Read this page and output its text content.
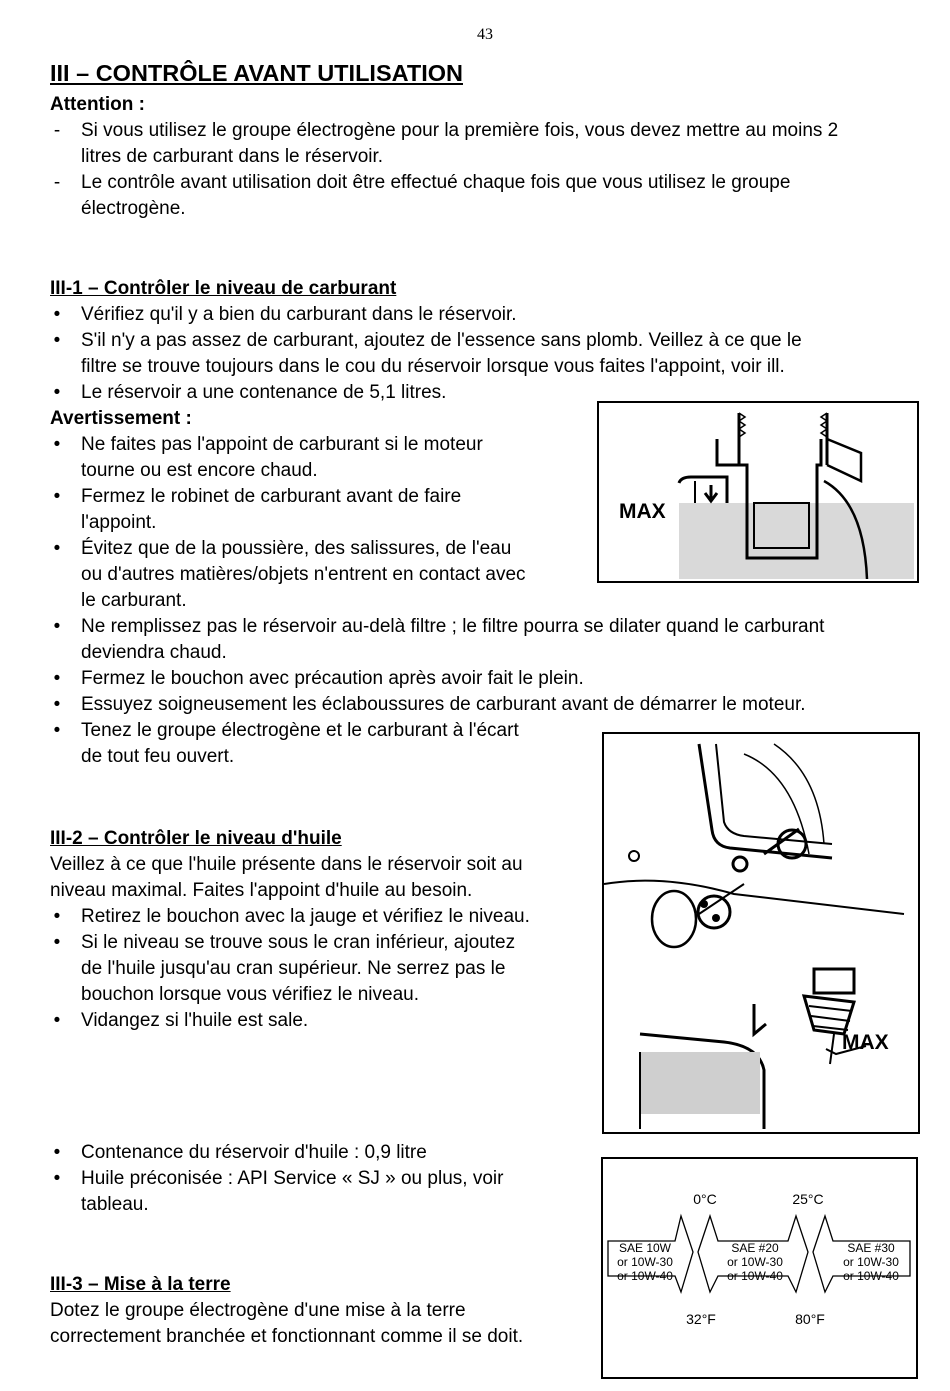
43
III – CONTRÔLE AVANT UTILISATION
Attention :
- Si vous utilisez le groupe électrogène pour la première fois, vous devez mettre au moins 2
litres de carburant dans le réservoir.
- Le contrôle avant utilisation doit être effectué chaque fois que vous utilisez le groupe
électrogène.
III-1 – Contrôler le niveau de carburant
• Vérifiez qu'il y a bien du carburant dans le réservoir.
• S'il n'y a pas assez de carburant, ajoutez de l'essence sans plomb. Veillez à ce que le
filtre se trouve toujours dans le cou du réservoir lorsque vous faites l'appoint, voir ill.
• Le réservoir a une contenance de 5,1 litres.
Avertissement :
• Ne faites pas l'appoint de carburant si le moteur
tourne ou est encore chaud.
• Fermez le robinet de carburant avant de faire
l'appoint.
• Évitez que de la poussière, des salissures, de l'eau
ou d'autres matières/objets n'entrent en contact avec
le carburant.
• Ne remplissez pas le réservoir au-delà filtre ; le filtre pourra se dilater quand le carburant
deviendra chaud.
• Fermez le bouchon avec précaution après avoir fait le plein.
• Essuyez soigneusement les éclaboussures de carburant avant de démarrer le moteur.
• Tenez le groupe électrogène et le carburant à l'écart
de tout feu ouvert.
III-2 – Contrôler le niveau d'huile
Veillez à ce que l'huile présente dans le réservoir soit au
niveau maximal. Faites l'appoint d'huile au besoin.
• Retirez le bouchon avec la jauge et vérifiez le niveau.
• Si le niveau se trouve sous le cran inférieur, ajoutez
de l'huile jusqu'au cran supérieur. Ne serrez pas le
bouchon lorsque vous vérifiez le niveau.
• Vidangez si l'huile est sale.
• Contenance du réservoir d'huile : 0,9 litre
• Huile préconisée : API Service « SJ » ou plus, voir
tableau.
III-3 – Mise à la terre
Dotez le groupe électrogène d'une mise à la terre
correctement branchée et fonctionnant comme il se doit.
MAX
MAX
0°C	25°C
32°F	80°F
SAE 10W
or 10W-30
or 10W-40
SAE #20
or 10W-30
or 10W-40
SAE #30
or 10W-30
or 10W-40
